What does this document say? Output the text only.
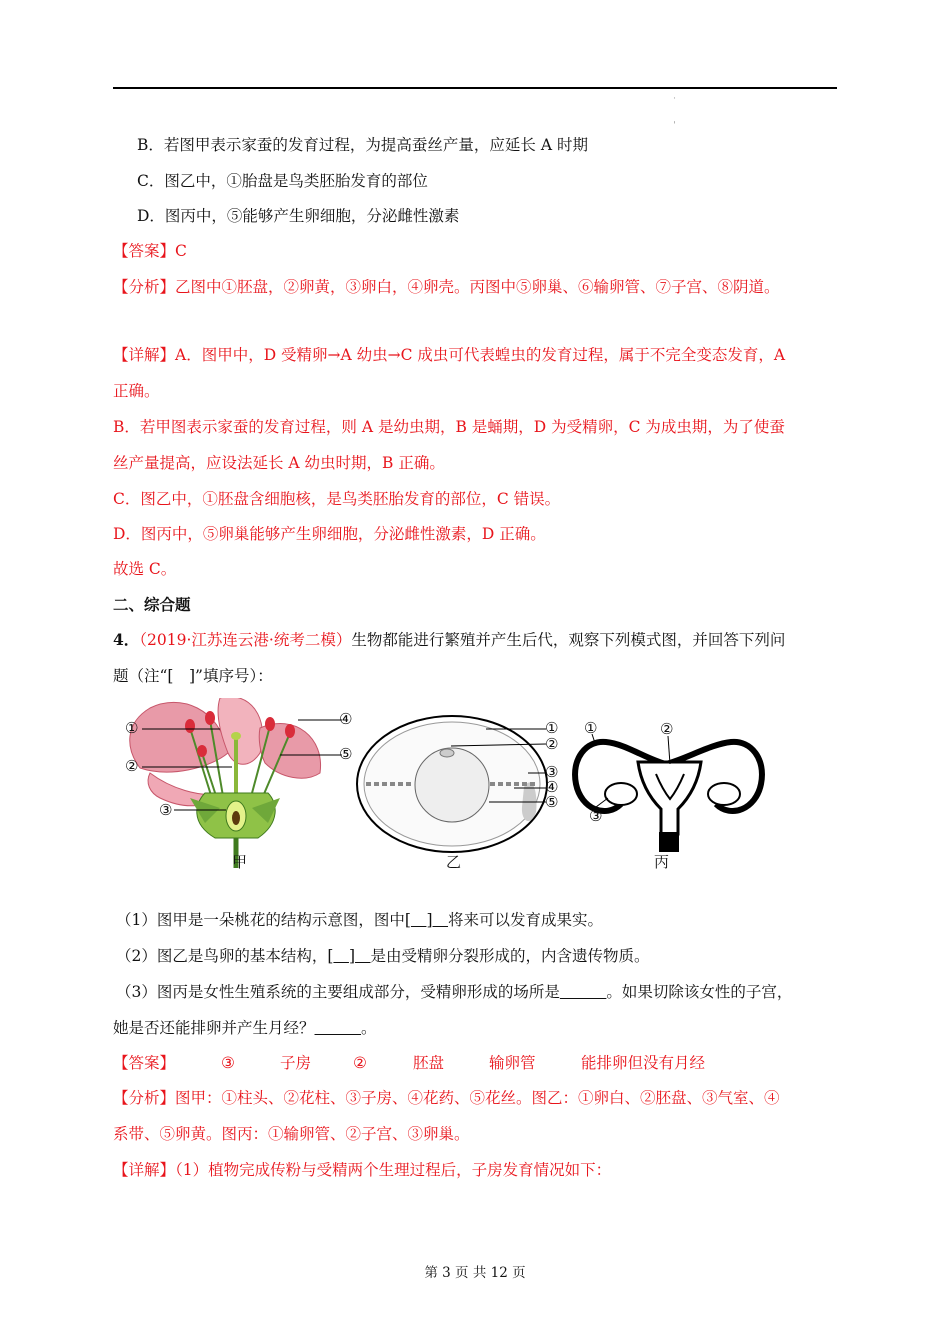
˙
ˌ
B．若图甲表示家蚕的发育过程，为提高蚕丝产量，应延长 A 时期
C．图乙中，①胎盘是鸟类胚胎发育的部位
D．图丙中，⑤能够产生卵细胞，分泌雌性激素
【答案】C
【分析】乙图中①胚盘，②卵黄，③卵白，④卵壳。丙图中⑤卵巢、⑥输卵管、⑦子宫、⑧阴道。
【详解】A．图甲中，D 受精卵→A 幼虫→C 成虫可代表蝗虫的发育过程，属于不完全变态发育，A
正确。
B．若甲图表示家蚕的发育过程，则 A 是幼虫期，B 是蛹期，D 为受精卵，C 为成虫期，为了使蚕
丝产量提高，应设法延长 A 幼虫时期，B 正确。
C．图乙中，①胚盘含细胞核，是鸟类胚胎发育的部位，C 错误。
D．图丙中，⑤卵巢能够产生卵细胞，分泌雌性激素，D 正确。
故选 C。
二、综合题
4．（2019·江苏连云港·统考二模）生物都能进行繁殖并产生后代，观察下列模式图，并回答下列问
题（注“[　]”填序号）：
①
②
③
④
⑤
甲
①
②
③
④
⑤
乙
①	②
③
丙
（1）图甲是一朵桃花的结构示意图，图中[　 ]　 将来可以发育成果实。
（2）图乙是鸟卵的基本结构，[　 ]　 是由受精卵分裂形成的，内含遗传物质。
（3）图丙是女性生殖系统的主要组成部分，受精卵形成的场所是　　　	。如果切除该女性的子宫，
她是否还能排卵并产生月经？　　　	。
【答案】	③	子房	②	胚盘	输卵管	能排卵但没有月经
【分析】图甲：①柱头、②花柱、③子房、④花药、⑤花丝。图乙：①卵白、②胚盘、③气室、④
系带、⑤卵黄。图丙：①输卵管、②子宫、③卵巢。
【详解】（1）植物完成传粉与受精两个生理过程后，子房发育情况如下：
第 3 页 共 12 页
